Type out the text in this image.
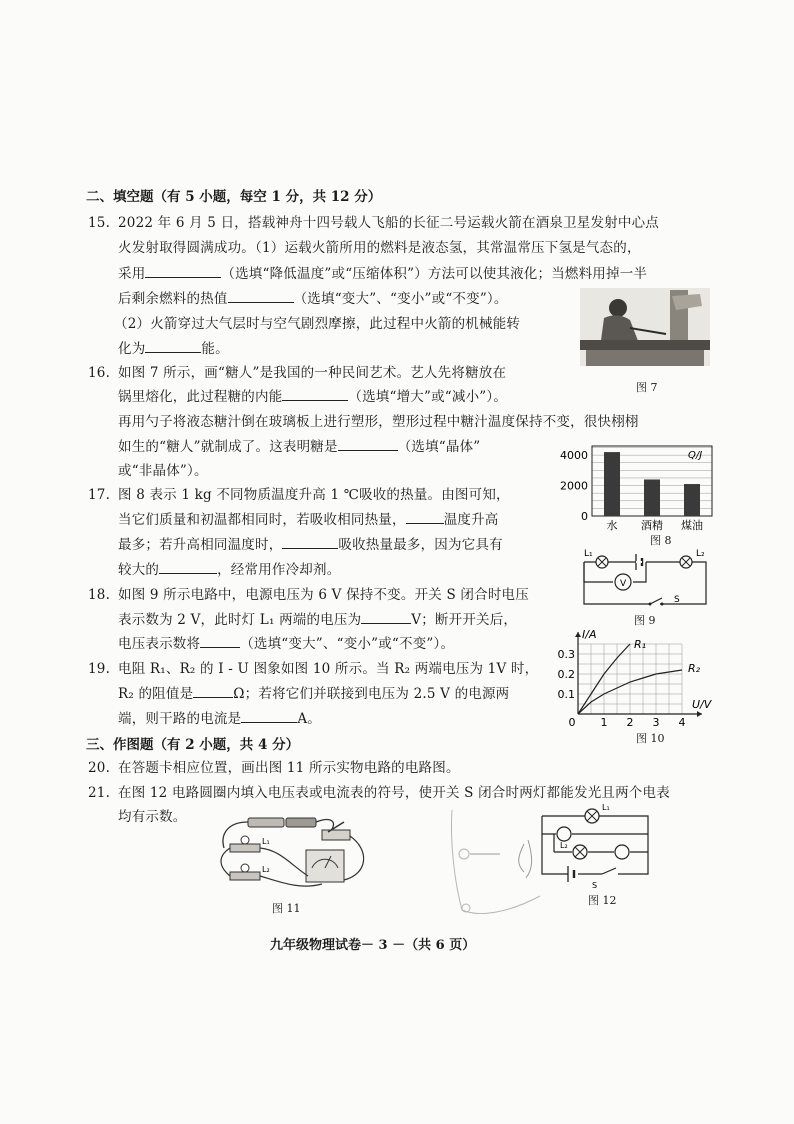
二、填空题（有 5 小题，每空 1 分，共 12 分）
15. 2022 年 6 月 5 日，搭载神舟十四号载人飞船的长征二号运载火箭在酒泉卫星发射中心点
火发射取得圆满成功。（1）运载火箭所用的燃料是液态氢，其常温常压下氢是气态的，
采用	（选填“降低温度”或“压缩体积”）方法可以使其液化；当燃料用掉一半
后剩余燃料的热值	（选填“变大”、“变小”或“不变”）。
（2）火箭穿过大气层时与空气剧烈摩擦，此过程中火箭的机械能转
化为	能。
图 7
16. 如图 7 所示，画“糖人”是我国的一种民间艺术。艺人先将糖放在
锅里熔化，此过程糖的内能	（选填“增大”或“减小”）。
再用勺子将液态糖汁倒在玻璃板上进行塑形，塑形过程中糖汁温度保持不变，很快栩栩
如生的“糖人”就制成了。这表明糖是	（选填“晶体”
或“非晶体”）。
0
2000
4000	Q/J
水 酒精 煤油
图 8
17. 图 8 表示 1 kg 不同物质温度升高 1 ℃吸收的热量。由图可知，
当它们质量和初温都相同时，若吸收相同热量，	温度升高
最多；若升高相同温度时，	吸收热量最多，因为它具有
较大的	，经常用作冷却剂。
L₁	L₂
V
S
图 9
18. 如图 9 所示电路中，电源电压为 6 V 保持不变。开关 S 闭合时电压
表示数为 2 V，此时灯 L₁ 两端的电压为	V；断开开关后，
电压表示数将	（选填“变大”、“变小”或“不变”）。
0 1 2 3 4
0.1
0.2
0.3
I/A
U/V
R₁
R₂
图 10
19. 电阻 R₁、R₂ 的 I - U 图象如图 10 所示。当 R₂ 两端电压为 1V 时，
R₂ 的阻值是	Ω；若将它们并联接到电压为 2.5 V 的电源两
端，则干路的电流是	A。
三、作图题（有 2 小题，共 4 分）
20. 在答题卡相应位置，画出图 11 所示实物电路的电路图。
21. 在图 12 电路圆圈内填入电压表或电流表的符号，使开关 S 闭合时两灯都能发光且两个电表
均有示数。
L₁
L₂
图 11
L₁
L₂
S
图 12
九年级物理试卷－ 3 －（共 6 页）
